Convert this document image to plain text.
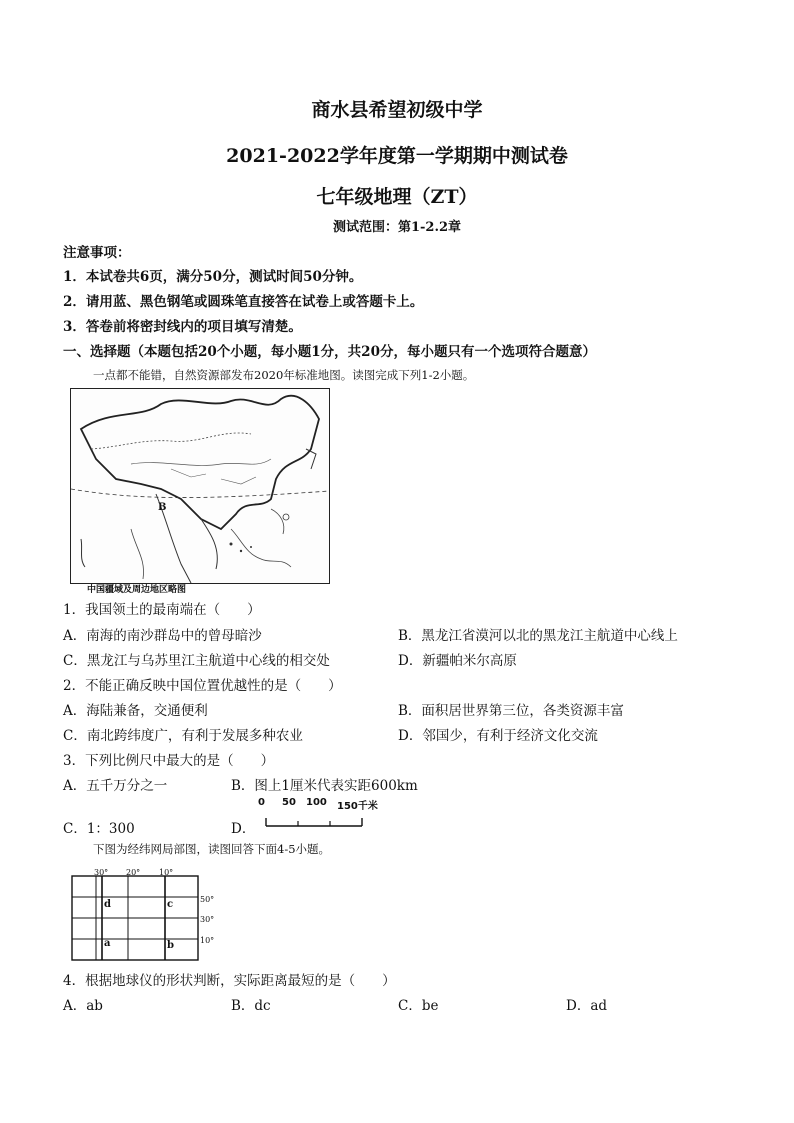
商水县希望初级中学
2021-2022学年度第一学期期中测试卷
七年级地理（ZT）
测试范围：第1-2.2章
注意事项：
1．本试卷共6页，满分50分，测试时间50分钟。
2．请用蓝、黑色钢笔或圆珠笔直接答在试卷上或答题卡上。
3．答卷前将密封线内的项目填写清楚。
一、选择题（本题包括20个小题，每小题1分，共20分，每小题只有一个选项符合题意）
一点都不能错，自然资源部发布2020年标准地图。读图完成下列1-2小题。
B
中国疆域及周边地区略图
1．我国领土的最南端在（　　）
A．南海的南沙群岛中的曾母暗沙	B．黑龙江省漠河以北的黑龙江主航道中心线上
C．黑龙江与乌苏里江主航道中心线的相交处	D．新疆帕米尔高原
2．不能正确反映中国位置优越性的是（　　）
A．海陆兼备，交通便利	B．面积居世界第三位，各类资源丰富
C．南北跨纬度广，有利于发展多种农业	D．邻国少，有利于经济文化交流
3．下列比例尺中最大的是（　　）
A．五千万分之一	B．图上1厘米代表实距600km
C．1：300	D．
0 50 100 150千米
下图为经纬网局部图，读图回答下面4-5小题。
30° 20° 10°
d	c
a	b
50°
30°
10°
4．根据地球仪的形状判断，实际距离最短的是（　　）
A．ab	B．dc	C．be	D．ad
